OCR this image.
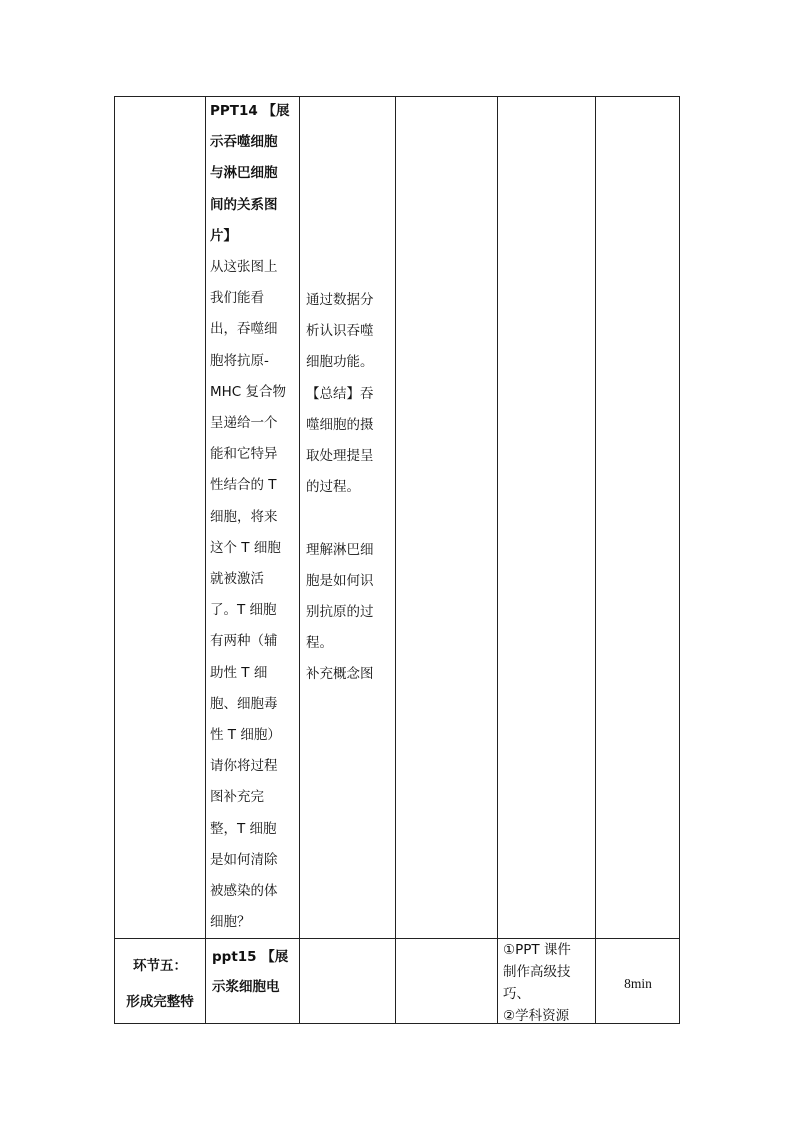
PPT14 【展
示吞噬细胞
与淋巴细胞
间的关系图
片】
从这张图上
我们能看
出，吞噬细
胞将抗原-
MHC 复合物
呈递给一个
能和它特异
性结合的 T
细胞，将来
这个 T 细胞
就被激活
了。T 细胞
有两种（辅
助性 T 细
胞、细胞毒
性 T 细胞）
请你将过程
图补充完
整，T 细胞
是如何清除
被感染的体
细胞？
通过数据分
析认识吞噬
细胞功能。
【总结】吞
噬细胞的摄
取处理提呈
的过程。
理解淋巴细
胞是如何识
别抗原的过
程。
补充概念图
环节五：
形成完整特
ppt15 【展
示浆细胞电
①PPT 课件
制作高级技
巧、
②学科资源
8min
